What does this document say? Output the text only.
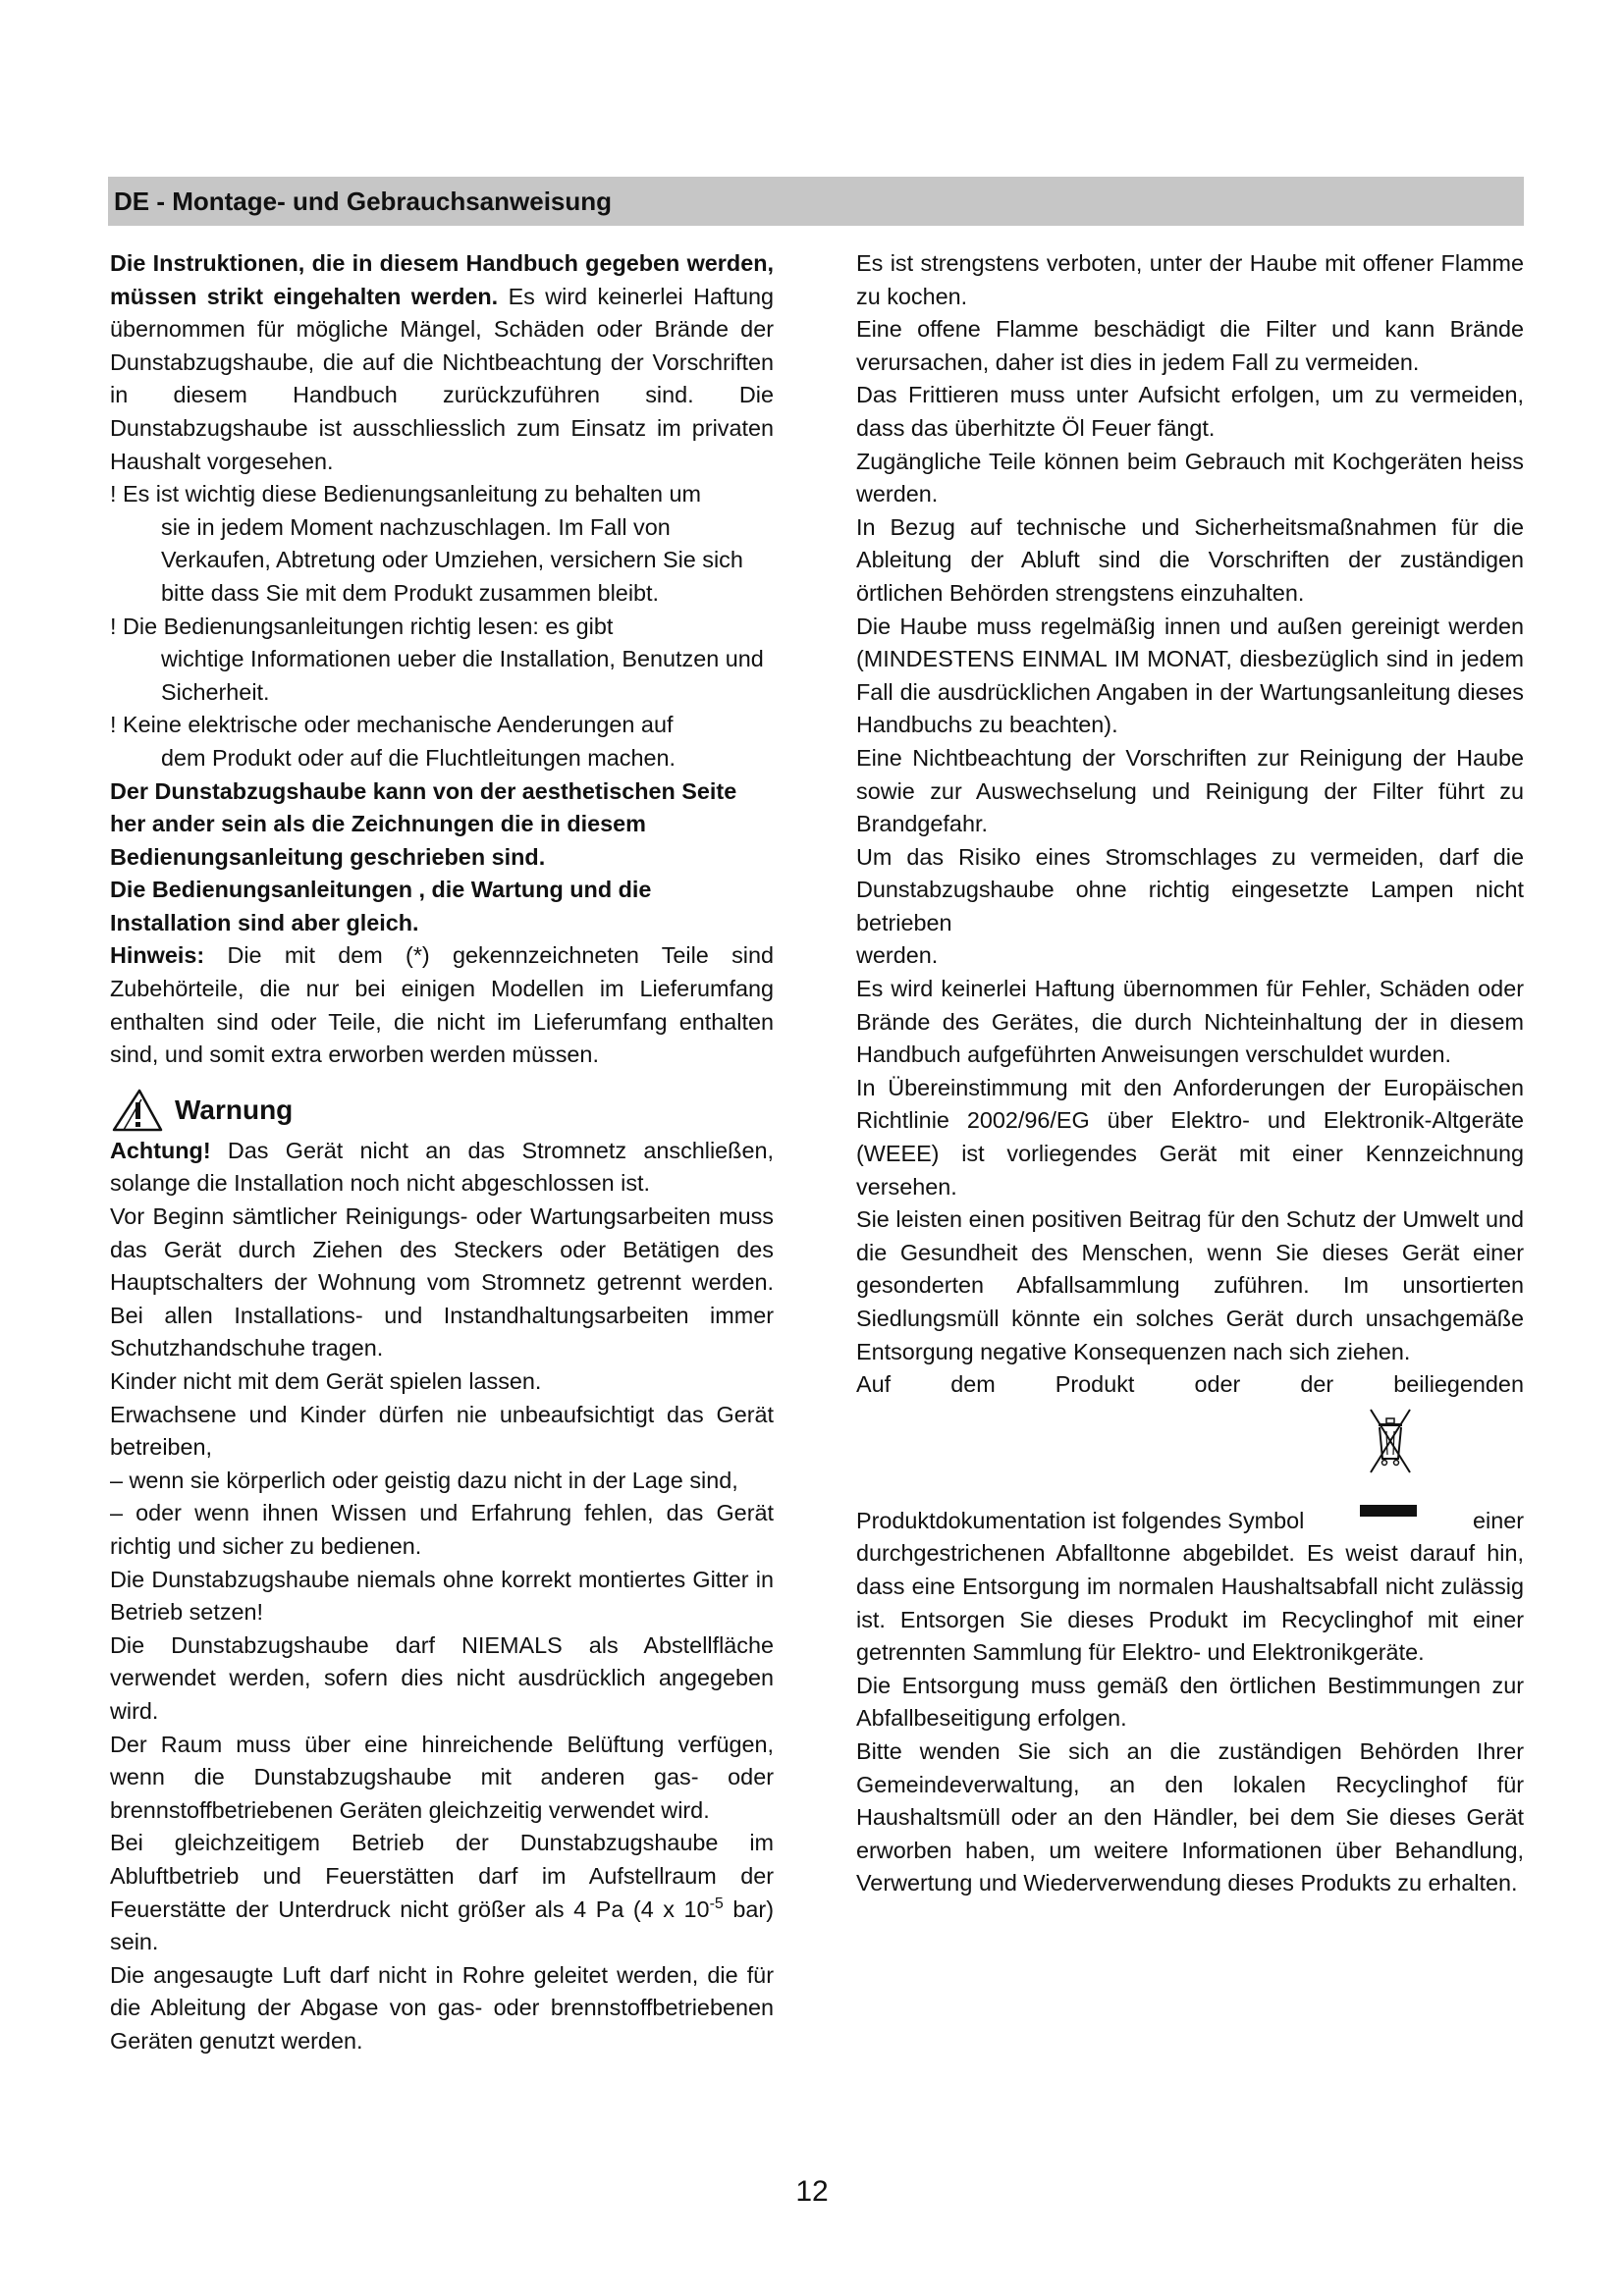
DE - Montage- und Gebrauchsanweisung

Die Instruktionen, die in diesem Handbuch gegeben werden, müssen strikt eingehalten werden. Es wird keinerlei Haftung übernommen für mögliche Mängel, Schäden oder Brände der Dunstabzugshaube, die auf die Nichtbeachtung der Vorschriften in diesem Handbuch zurückzuführen sind. Die Dunstabzugshaube ist ausschliesslich zum Einsatz im privaten Haushalt vorgesehen.

! Es ist wichtig diese Bedienungsanleitung zu behalten um

sie in jedem Moment nachzuschlagen. Im Fall von Verkaufen, Abtretung oder Umziehen, versichern Sie sich bitte dass Sie mit dem Produkt zusammen bleibt.

! Die Bedienungsanleitungen richtig lesen: es gibt

wichtige Informationen ueber die Installation, Benutzen und Sicherheit.

! Keine elektrische oder mechanische Aenderungen auf

dem Produkt oder auf die Fluchtleitungen machen.

Der Dunstabzugshaube kann von der aesthetischen Seite her ander sein als die Zeichnungen die in diesem Bedienungsanleitung geschrieben sind.

Die Bedienungsanleitungen , die Wartung und die Installation sind aber gleich.

Hinweis: Die mit dem (*) gekennzeichneten Teile sind Zubehörteile, die nur bei einigen Modellen im Lieferumfang enthalten sind oder Teile, die nicht im Lieferumfang enthalten sind, und somit extra erworben werden müssen.

Warnung

Achtung! Das Gerät nicht an das Stromnetz anschließen, solange die Installation noch nicht abgeschlossen ist.

Vor Beginn sämtlicher Reinigungs- oder Wartungsarbeiten muss das Gerät durch Ziehen des Steckers oder Betätigen des Hauptschalters der Wohnung vom Stromnetz getrennt werden. Bei allen Installations- und Instandhaltungsarbeiten immer Schutzhandschuhe tragen.

Kinder nicht mit dem Gerät spielen lassen.

Erwachsene und Kinder dürfen nie unbeaufsichtigt das Gerät betreiben,

– wenn sie körperlich oder geistig dazu nicht in der Lage sind,

– oder wenn ihnen Wissen und Erfahrung fehlen, das Gerät richtig und sicher zu bedienen.

Die Dunstabzugshaube niemals ohne korrekt montiertes Gitter in Betrieb setzen!

Die Dunstabzugshaube darf NIEMALS als Abstellfläche verwendet werden, sofern dies nicht ausdrücklich angegeben wird.

Der Raum muss über eine hinreichende Belüftung verfügen, wenn die Dunstabzugshaube mit anderen gas- oder brennstoffbetriebenen Geräten gleichzeitig verwendet wird.

Bei gleichzeitigem Betrieb der Dunstabzugshaube im Abluftbetrieb und Feuerstätten darf im Aufstellraum der Feuerstätte der Unterdruck nicht größer als 4 Pa (4 x $10^{-5}$ bar) sein.

Die angesaugte Luft darf nicht in Rohre geleitet werden, die für die Ableitung der Abgase von gas- oder brennstoffbetriebenen Geräten genutzt werden.

Es ist strengstens verboten, unter der Haube mit offener Flamme zu kochen.

Eine offene Flamme beschädigt die Filter und kann Brände verursachen, daher ist dies in jedem Fall zu vermeiden.

Das Frittieren muss unter Aufsicht erfolgen, um zu vermeiden, dass das überhitzte Öl Feuer fängt.

Zugängliche Teile können beim Gebrauch mit Kochgeräten heiss werden.

In Bezug auf technische und Sicherheitsmaßnahmen für die Ableitung der Abluft sind die Vorschriften der zuständigen örtlichen Behörden strengstens einzuhalten.

Die Haube muss regelmäßig innen und außen gereinigt werden (MINDESTENS EINMAL IM MONAT, diesbezüglich sind in jedem Fall die ausdrücklichen Angaben in der Wartungsanleitung dieses Handbuchs zu beachten).

Eine Nichtbeachtung der Vorschriften zur Reinigung der Haube sowie zur Auswechselung und Reinigung der Filter führt zu Brandgefahr.

Um das Risiko eines Stromschlages zu vermeiden, darf die Dunstabzugshaube ohne richtig eingesetzte Lampen nicht betrieben

werden.

Es wird keinerlei Haftung übernommen für Fehler, Schäden oder Brände des Gerätes, die durch Nichteinhaltung der in diesem Handbuch aufgeführten Anweisungen verschuldet wurden.

In Übereinstimmung mit den Anforderungen der Europäischen Richtlinie 2002/96/EG über Elektro- und Elektronik-Altgeräte (WEEE) ist vorliegendes Gerät mit einer Kennzeichnung versehen.

Sie leisten einen positiven Beitrag für den Schutz der Umwelt und die Gesundheit des Menschen, wenn Sie dieses Gerät einer gesonderten Abfallsammlung zuführen. Im unsortierten Siedlungsmüll könnte ein solches Gerät durch unsachgemäße Entsorgung negative Konsequenzen nach sich ziehen.

Auf	dem	Produkt	oder	der	beiliegenden
Produktdokumentation ist folgendes Symbol	einer

durchgestrichenen Abfalltonne abgebildet. Es weist darauf hin, dass eine Entsorgung im normalen Haushaltsabfall nicht zulässig ist. Entsorgen Sie dieses Produkt im Recyclinghof mit einer getrennten Sammlung für Elektro- und Elektronikgeräte.

Die Entsorgung muss gemäß den örtlichen Bestimmungen zur Abfallbeseitigung erfolgen.

Bitte wenden Sie sich an die zuständigen Behörden Ihrer Gemeindeverwaltung, an den lokalen Recyclinghof für Haushaltsmüll oder an den Händler, bei dem Sie dieses Gerät erworben haben, um weitere Informationen über Behandlung, Verwertung und Wiederverwendung dieses Produkts zu erhalten.

12
